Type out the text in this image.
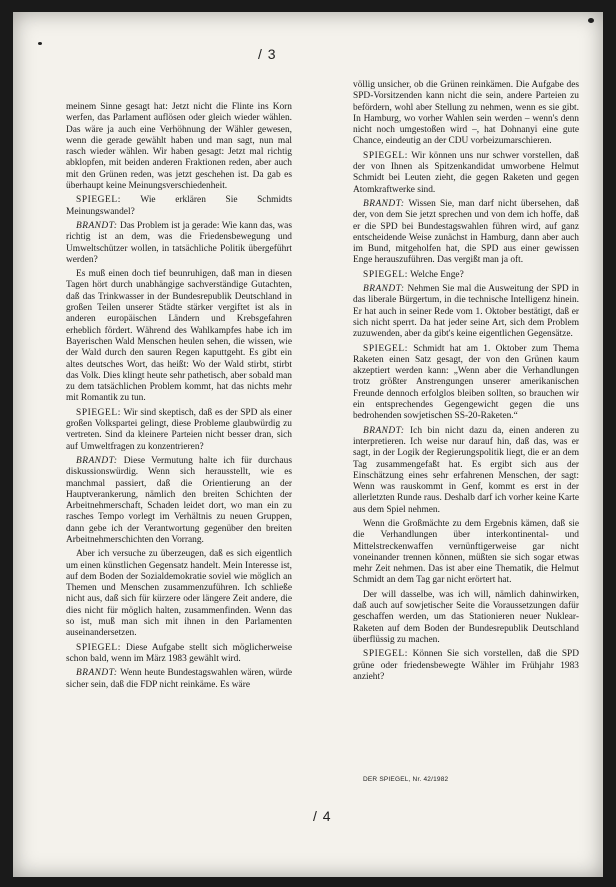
/ 3

meinem Sinne gesagt hat: Jetzt nicht die Flinte ins Korn werfen, das Parlament auflösen oder gleich wieder wählen. Das wäre ja auch eine Verhöhnung der Wähler gewesen, wenn die gerade gewählt haben und man sagt, nun mal rasch wieder wählen. Wir haben gesagt: Jetzt mal richtig abklopfen, mit beiden anderen Fraktionen reden, aber auch mit den Grünen reden, was jetzt geschehen ist. Da gab es überhaupt keine Meinungsverschiedenheit.

SPIEGEL: Wie erklären Sie Schmidts Meinungswandel?

BRANDT: Das Problem ist ja gerade: Wie kann das, was richtig ist an dem, was die Friedensbewegung und Umweltschützer wollen, in tatsächliche Politik übergeführt werden?

Es muß einen doch tief beunruhigen, daß man in diesen Tagen hört durch unabhängige sachverständige Gutachten, daß das Trinkwasser in der Bundesrepublik Deutschland in großen Teilen unserer Städte stärker vergiftet ist als in anderen europäischen Ländern und Krebsgefahren erheblich fördert. Während des Wahlkampfes habe ich im Bayerischen Wald Menschen heulen sehen, die wissen, wie der Wald durch den sauren Regen kaputtgeht. Es gibt ein altes deutsches Wort, das heißt: Wo der Wald stirbt, stirbt das Volk. Dies klingt heute sehr pathetisch, aber sobald man zu dem tatsächlichen Problem kommt, hat das nichts mehr mit Romantik zu tun.

SPIEGEL: Wir sind skeptisch, daß es der SPD als einer großen Volkspartei gelingt, diese Probleme glaubwürdig zu vertreten. Sind da kleinere Parteien nicht besser dran, sich auf Umweltfragen zu konzentrieren?

BRANDT: Diese Vermutung halte ich für durchaus diskussionswürdig. Wenn sich herausstellt, wie es manchmal passiert, daß die Orientierung an der Hauptverankerung, nämlich den breiten Schichten der Arbeitnehmerschaft, Schaden leidet dort, wo man ein zu rasches Tempo vorlegt im Verhältnis zu neuen Gruppen, dann gebe ich der Verantwortung gegenüber den breiten Arbeitnehmerschichten den Vorrang.

Aber ich versuche zu überzeugen, daß es sich eigentlich um einen künstlichen Gegensatz handelt. Mein Interesse ist, auf dem Boden der Sozialdemokratie soviel wie möglich an Themen und Menschen zusammenzuführen. Ich schließe nicht aus, daß sich für kürzere oder längere Zeit andere, die dies nicht für möglich halten, zusammenfinden. Wenn das so ist, muß man sich mit ihnen in den Parlamenten auseinandersetzen.

SPIEGEL: Diese Aufgabe stellt sich möglicherweise schon bald, wenn im März 1983 gewählt wird.

BRANDT: Wenn heute Bundestagswahlen wären, würde sicher sein, daß die FDP nicht reinkäme. Es wäre

völlig unsicher, ob die Grünen reinkämen. Die Aufgabe des SPD-Vorsitzenden kann nicht die sein, andere Parteien zu befördern, wohl aber Stellung zu nehmen, wenn es sie gibt. In Hamburg, wo vorher Wahlen sein werden – wenn's denn nicht noch umgestoßen wird –, hat Dohnanyi eine gute Chance, eindeutig an der CDU vorbeizumarschieren.

SPIEGEL: Wir können uns nur schwer vorstellen, daß der von Ihnen als Spitzenkandidat umworbene Helmut Schmidt bei Leuten zieht, die gegen Raketen und gegen Atomkraftwerke sind.

BRANDT: Wissen Sie, man darf nicht übersehen, daß der, von dem Sie jetzt sprechen und von dem ich hoffe, daß er die SPD bei Bundestagswahlen führen wird, auf ganz entscheidende Weise zunächst in Hamburg, dann aber auch im Bund, mitgeholfen hat, die SPD aus einer gewissen Enge herauszuführen. Das vergißt man ja oft.

SPIEGEL: Welche Enge?

BRANDT: Nehmen Sie mal die Ausweitung der SPD in das liberale Bürgertum, in die technische Intelligenz hinein. Er hat auch in seiner Rede vom 1. Oktober bestätigt, daß er sich nicht sperrt. Da hat jeder seine Art, sich dem Problem zuzuwenden, aber da gibt's keine eigentlichen Gegensätze.

SPIEGEL: Schmidt hat am 1. Oktober zum Thema Raketen einen Satz gesagt, der von den Grünen kaum akzeptiert werden kann: „Wenn aber die Verhandlungen trotz größter Anstrengungen unserer amerikanischen Freunde dennoch erfolglos bleiben sollten, so brauchen wir ein entsprechendes Gegengewicht gegen die uns bedrohenden sowjetischen SS-20-Raketen.“

BRANDT: Ich bin nicht dazu da, einen anderen zu interpretieren. Ich weise nur darauf hin, daß das, was er sagt, in der Logik der Regierungspolitik liegt, die er an dem Tag zusammengefaßt hat. Es ergibt sich aus der Einschätzung eines sehr erfahrenen Menschen, der sagt: Wenn was rauskommt in Genf, kommt es erst in der allerletzten Runde raus. Deshalb darf ich vorher keine Karte aus dem Spiel nehmen.

Wenn die Großmächte zu dem Ergebnis kämen, daß sie die Verhandlungen über interkontinental- und Mittelstreckenwaffen vernünftigerweise gar nicht voneinander trennen können, müßten sie sich sogar etwas mehr Zeit nehmen. Das ist aber eine Thematik, die Helmut Schmidt an dem Tag gar nicht erörtert hat.

Der will dasselbe, was ich will, nämlich dahinwirken, daß auch auf sowjetischer Seite die Voraussetzungen dafür geschaffen werden, um das Stationieren neuer Nuklear-Raketen auf dem Boden der Bundesrepublik Deutschland überflüssig zu machen.

SPIEGEL: Können Sie sich vorstellen, daß die SPD grüne oder friedensbewegte Wähler im Frühjahr 1983 anzieht?

DER SPIEGEL, Nr. 42/1982
/ 4
